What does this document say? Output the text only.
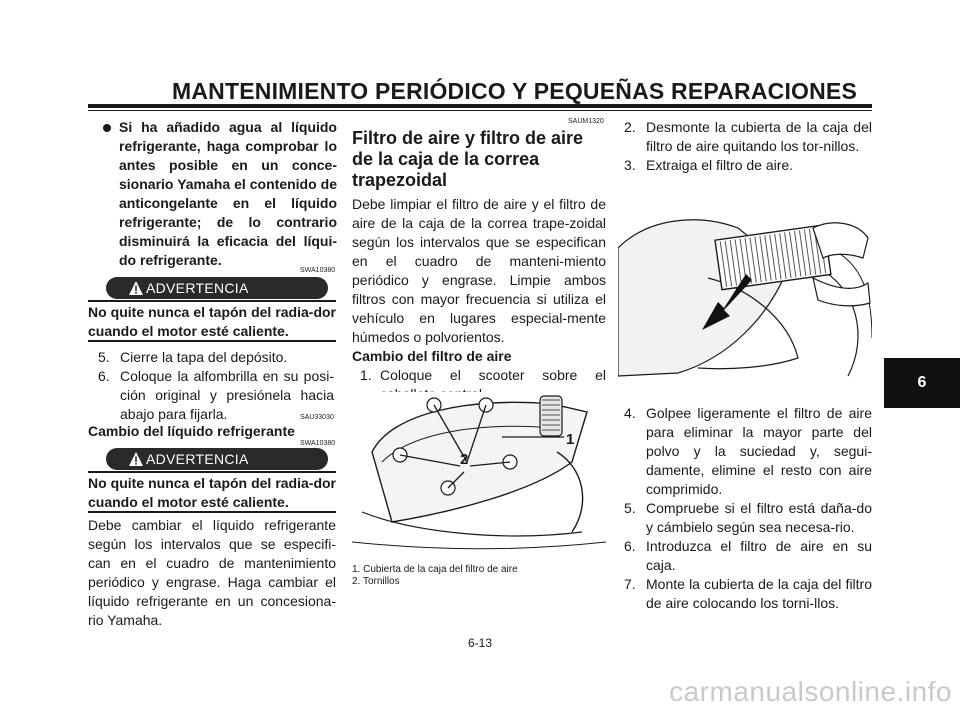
MANTENIMIENTO PERIÓDICO Y PEQUEÑAS REPARACIONES
6
Si ha añadido agua al líquido refrigerante, haga comprobar lo antes posible en un conce-sionario Yamaha el contenido de anticongelante en el líquido refrigerante; de lo contrario disminuirá la eficacia del líqui-do refrigerante.
SWA10380
ADVERTENCIA

No quite nunca el tapón del radia-dor cuando el motor esté caliente.

5. Cierre la tapa del depósito.
6. Coloque la alfombrilla en su posi-ción original y presiónela hacia abajo para fijarla.	SAU33030

Cambio del líquido refrigerante

SWA10380
ADVERTENCIA

No quite nunca el tapón del radia-dor cuando el motor esté caliente.

Debe cambiar el líquido refrigerante según los intervalos que se especifi-can en el cuadro de mantenimiento periódico y engrase. Haga cambiar el líquido refrigerante en un concesiona-rio Yamaha.

SAUM1320

Filtro de aire y filtro de aire de la caja de la correa trapezoidal

Debe limpiar el filtro de aire y el filtro de aire de la caja de la correa trape-zoidal según los intervalos que se especifican en el cuadro de manteni-miento periódico y engrase. Limpie ambos filtros con mayor frecuencia si utiliza el vehículo en lugares especial-mente húmedos o polvorientos.

Cambio del filtro de aire

1. Coloque el scooter sobre el
1
2
1. Cubierta de la caja del filtro de aire
2. Tornillos
2. Desmonte la cubierta de la caja del filtro de aire quitando los tor-nillos.
3. Extraiga el filtro de aire.
4. Golpee ligeramente el filtro de aire para eliminar la mayor parte del polvo y la suciedad y, segui-damente, elimine el resto con aire comprimido.
5. Compruebe si el filtro está daña-do y cámbielo según sea necesa-rio.
6. Introduzca el filtro de aire en su caja.
7. Monte la cubierta de la caja del filtro de aire colocando los torni-llos.
6-13
carmanualsonline.info
